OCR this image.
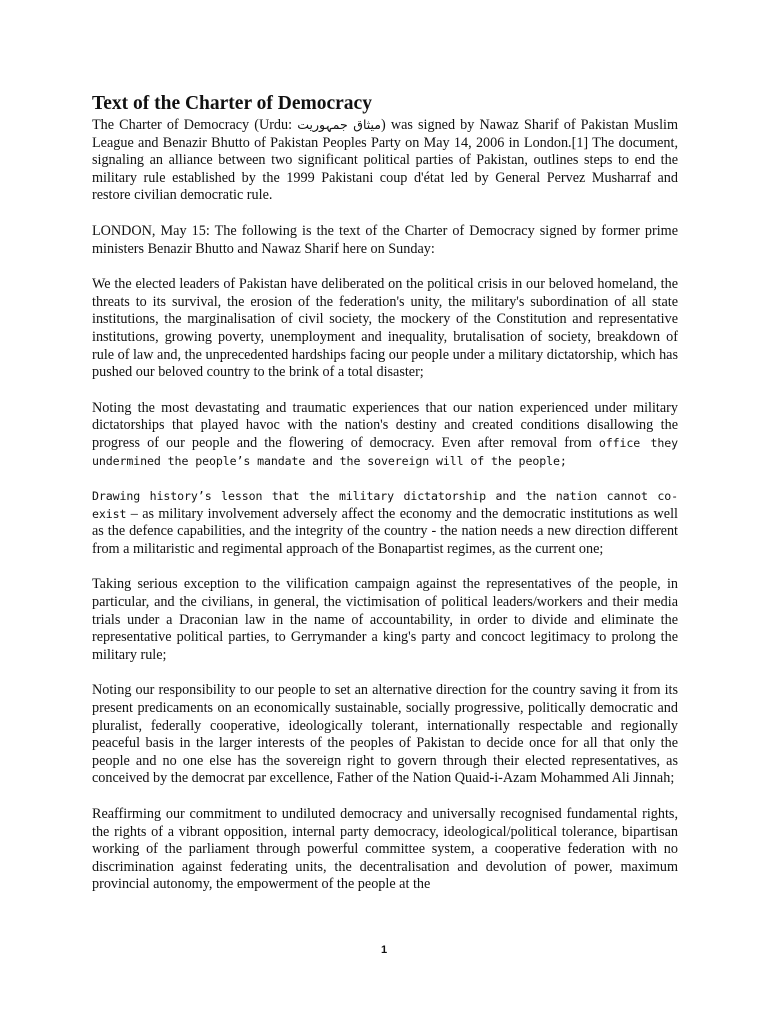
Text of the Charter of Democracy

The Charter of Democracy (Urdu: میثاق جمہوریت) was signed by Nawaz Sharif of Pakistan Muslim League and Benazir Bhutto of Pakistan Peoples Party on May 14, 2006 in London.[1] The document, signaling an alliance between two significant political parties of Pakistan, outlines steps to end the military rule established by the 1999 Pakistani coup d'état led by General Pervez Musharraf and restore civilian democratic rule.

LONDON, May 15: The following is the text of the Charter of Democracy signed by former prime ministers Benazir Bhutto and Nawaz Sharif here on Sunday:

We the elected leaders of Pakistan have deliberated on the political crisis in our beloved homeland, the threats to its survival, the erosion of the federation's unity, the military's subordination of all state institutions, the marginalisation of civil society, the mockery of the Constitution and representative institutions, growing poverty, unemployment and inequality, brutalisation of society, breakdown of rule of law and, the unprecedented hardships facing our people under a military dictatorship, which has pushed our beloved country to the brink of a total disaster;

Noting the most devastating and traumatic experiences that our nation experienced under military dictatorships that played havoc with the nation's destiny and created conditions disallowing the progress of our people and the flowering of democracy. Even after removal from office they undermined the people’s mandate and the sovereign will of the people;

Drawing history’s lesson that the military dictatorship and the nation cannot co-exist – as military involvement adversely affect the economy and the democratic institutions as well as the defence capabilities, and the integrity of the country - the nation needs a new direction different from a militaristic and regimental approach of the Bonapartist regimes, as the current one;

Taking serious exception to the vilification campaign against the representatives of the people, in particular, and the civilians, in general, the victimisation of political leaders/workers and their media trials under a Draconian law in the name of accountability, in order to divide and eliminate the representative political parties, to Gerrymander a king's party and concoct legitimacy to prolong the military rule;

Noting our responsibility to our people to set an alternative direction for the country saving it from its present predicaments on an economically sustainable, socially progressive, politically democratic and pluralist, federally cooperative, ideologically tolerant, internationally respectable and regionally peaceful basis in the larger interests of the peoples of Pakistan to decide once for all that only the people and no one else has the sovereign right to govern through their elected representatives, as conceived by the democrat par excellence, Father of the Nation Quaid-i-Azam Mohammed Ali Jinnah;

Reaffirming our commitment to undiluted democracy and universally recognised fundamental rights, the rights of a vibrant opposition, internal party democracy, ideological/political tolerance, bipartisan working of the parliament through powerful committee system, a cooperative federation with no discrimination against federating units, the decentralisation and devolution of power, maximum provincial autonomy, the empowerment of the people at the

1
